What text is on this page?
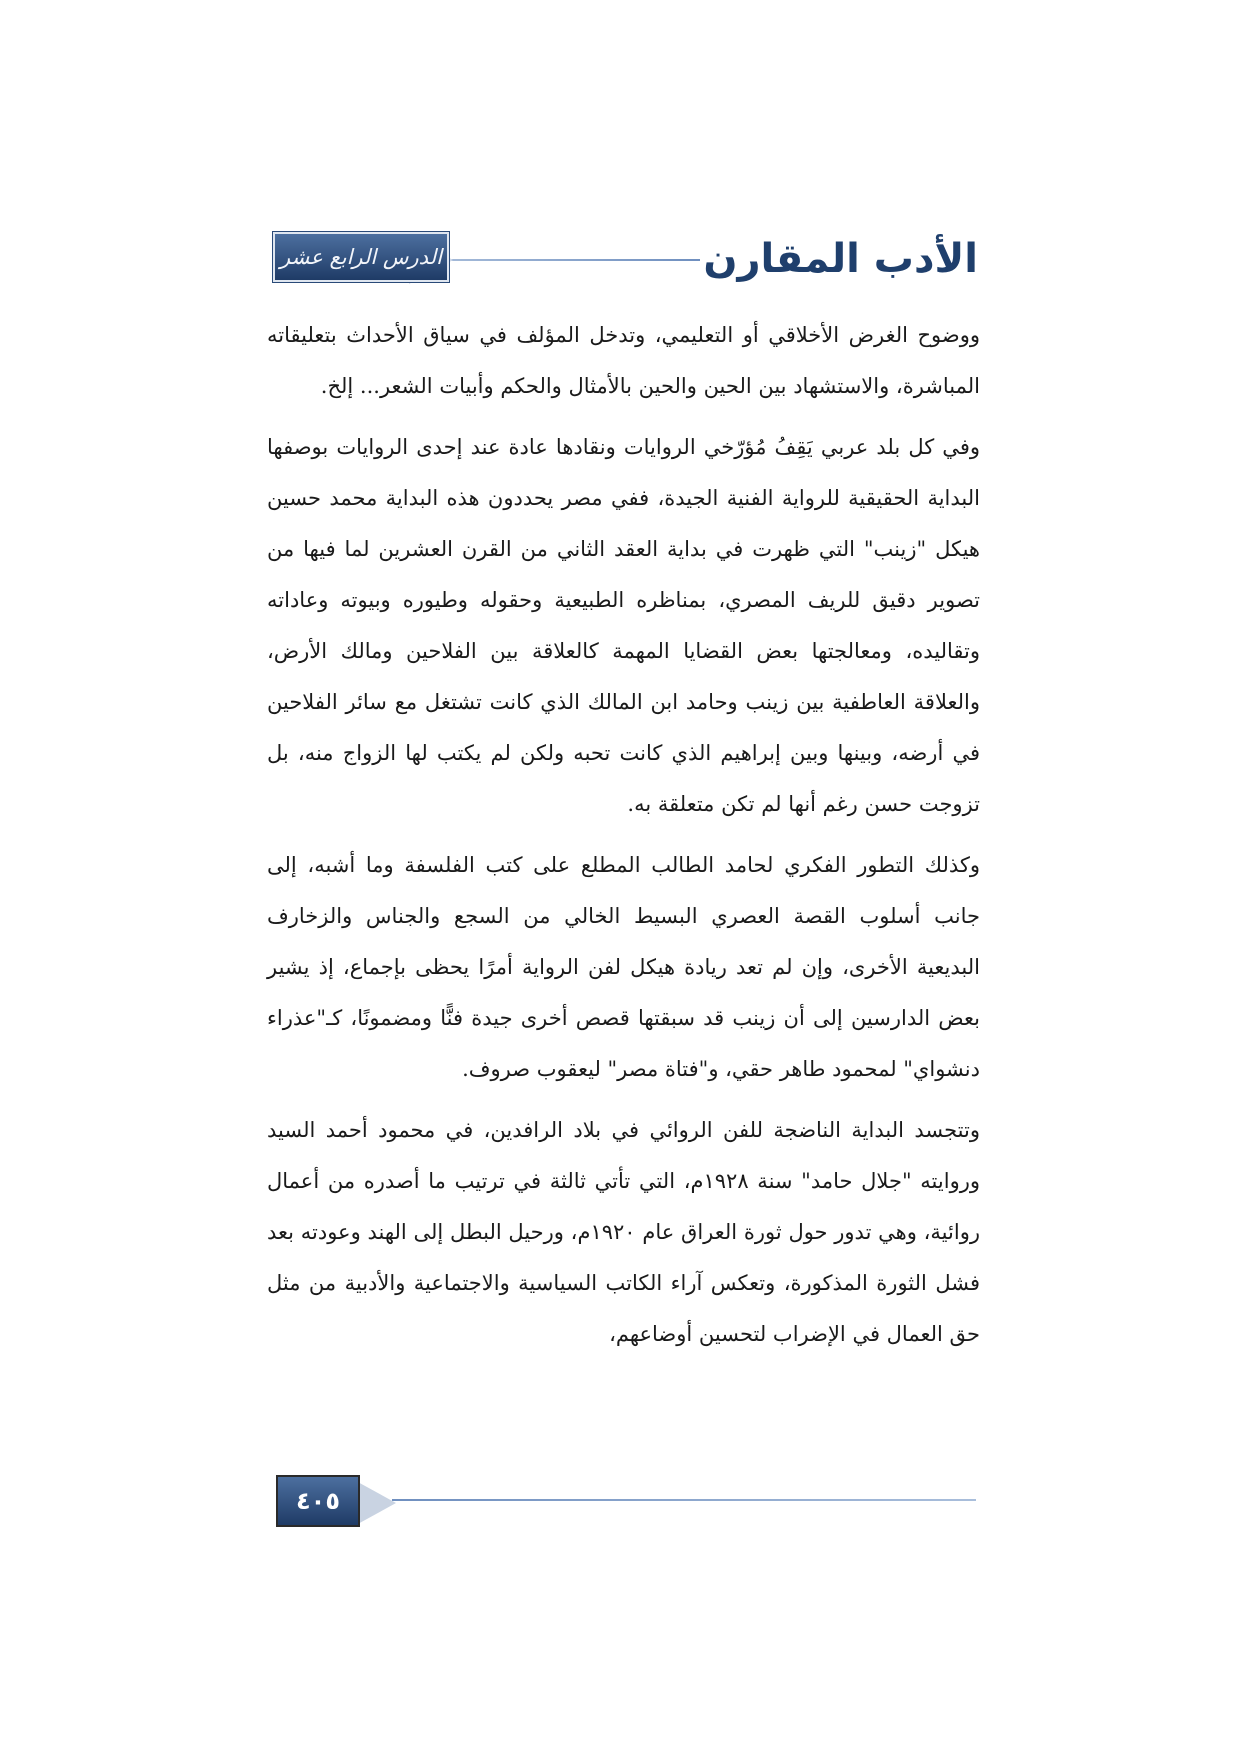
الأدب المقارن
الدرس الرابع عشر

ووضوح الغرض الأخلاقي أو التعليمي، وتدخل المؤلف في سياق الأحداث بتعليقاته المباشرة، والاستشهاد بين الحين والحين بالأمثال والحكم وأبيات الشعر... إلخ.

وفي كل بلد عربي يَقِفُ مُؤرّخي الروايات ونقادها عادة عند إحدى الروايات بوصفها البداية الحقيقية للرواية الفنية الجيدة، ففي مصر يحددون هذه البداية محمد حسين هيكل "زينب" التي ظهرت في بداية العقد الثاني من القرن العشرين لما فيها من تصوير دقيق للريف المصري، بمناظره الطبيعية وحقوله وطيوره وبيوته وعاداته وتقاليده، ومعالجتها بعض القضايا المهمة كالعلاقة بين الفلاحين ومالك الأرض، والعلاقة العاطفية بين زينب وحامد ابن المالك الذي كانت تشتغل مع سائر الفلاحين في أرضه، وبينها وبين إبراهيم الذي كانت تحبه ولكن لم يكتب لها الزواج منه، بل تزوجت حسن رغم أنها لم تكن متعلقة به.

وكذلك التطور الفكري لحامد الطالب المطلع على كتب الفلسفة وما أشبه، إلى جانب أسلوب القصة العصري البسيط الخالي من السجع والجناس والزخارف البديعية الأخرى، وإن لم تعد ريادة هيكل لفن الرواية أمرًا يحظى بإجماع، إذ يشير بعض الدارسين إلى أن زينب قد سبقتها قصص أخرى جيدة فنًّا ومضمونًا، كـ"عذراء دنشواي" لمحمود طاهر حقي، و"فتاة مصر" ليعقوب صروف.

وتتجسد البداية الناضجة للفن الروائي في بلاد الرافدين، في محمود أحمد السيد وروايته "جلال حامد" سنة ١٩٢٨م، التي تأتي ثالثة في ترتيب ما أصدره من أعمال روائية، وهي تدور حول ثورة العراق عام ١٩٢٠م، ورحيل البطل إلى الهند وعودته بعد فشل الثورة المذكورة، وتعكس آراء الكاتب السياسية والاجتماعية والأدبية من مثل حق العمال في الإضراب لتحسين أوضاعهم،

٤٠٥
